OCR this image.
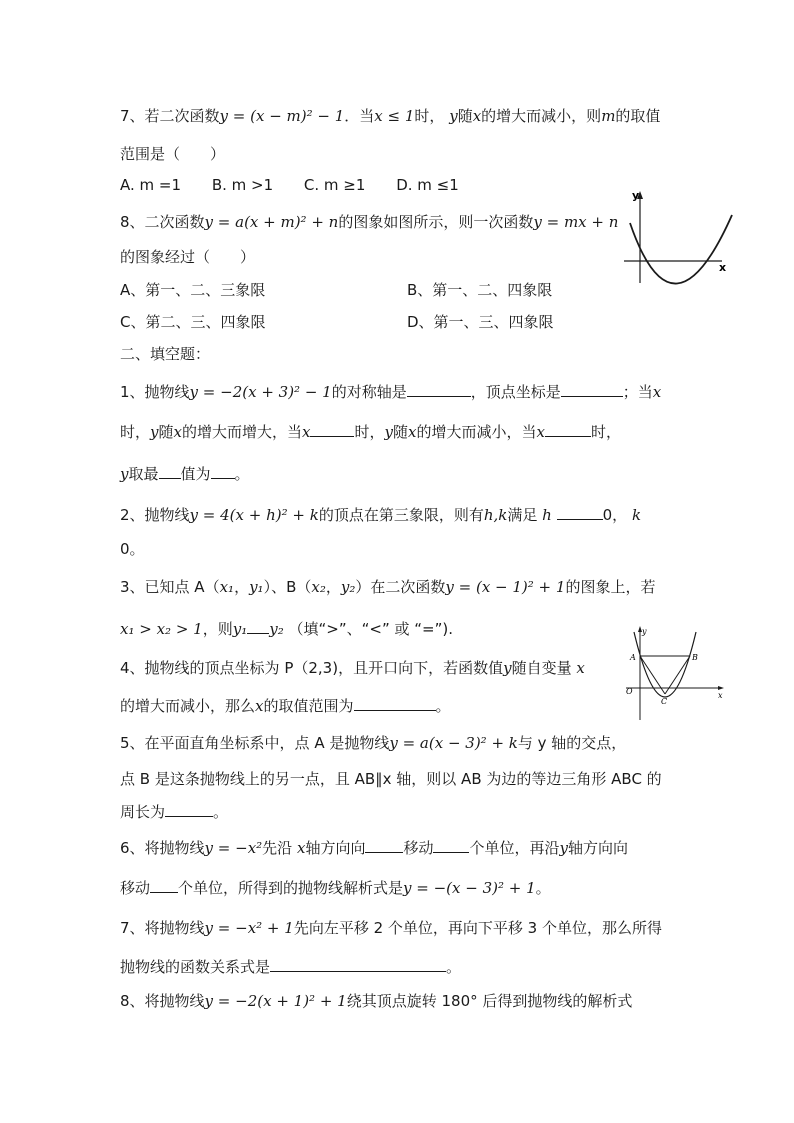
7、若二次函数y = (x − m)² − 1．当x ≤ 1时， y随x的增大而减小，则m的取值
范围是（　　）
A. m =1 B. m >1 C. m ≥1 D. m ≤1
8、二次函数y = a(x + m)² + n的图象如图所示，则一次函数y = mx + n
的图象经过（　　）
y
x
A、第一、二、三象限	B、第一、二、四象限
C、第二、三、四象限	D、第一、三、四象限
二、填空题：
1、抛物线y = −2(x + 3)² − 1的对称轴是	，顶点坐标是	；当x
时，y随x的增大而增大，当x	时，y随x的增大而减小，当x	时，
y取最 值为 。
2、抛物线y = 4(x + h)² + k的顶点在第三象限，则有h,k满足 h	0， k
0。
3、已知点 A（x₁，y₁）、B（x₂，y₂）在二次函数y = (x − 1)² + 1的图象上，若
x₁ > x₂ > 1，则y₁ y₂ （填“>”、“<” 或 “=”).
4、抛物线的顶点坐标为 P（2,3)，且开口向下，若函数值y随自变量 x
的增大而减小，那么x的取值范围为	。
y
x
O
A	B
C
5、在平面直角坐标系中，点 A 是抛物线y = a(x − 3)² + k与 y 轴的交点，
点 B 是这条抛物线上的另一点，且 AB∥x 轴，则以 AB 为边的等边三角形 ABC 的
周长为	。
6、将抛物线y = −x²先沿 x轴方向向	移动 个单位，再沿y轴方向向
移动 个单位，所得到的抛物线解析式是y = −(x − 3)² + 1。
7、将抛物线y = −x² + 1先向左平移 2 个单位，再向下平移 3 个单位，那么所得
抛物线的函数关系式是	。
8、将抛物线y = −2(x + 1)² + 1绕其顶点旋转 180° 后得到抛物线的解析式
